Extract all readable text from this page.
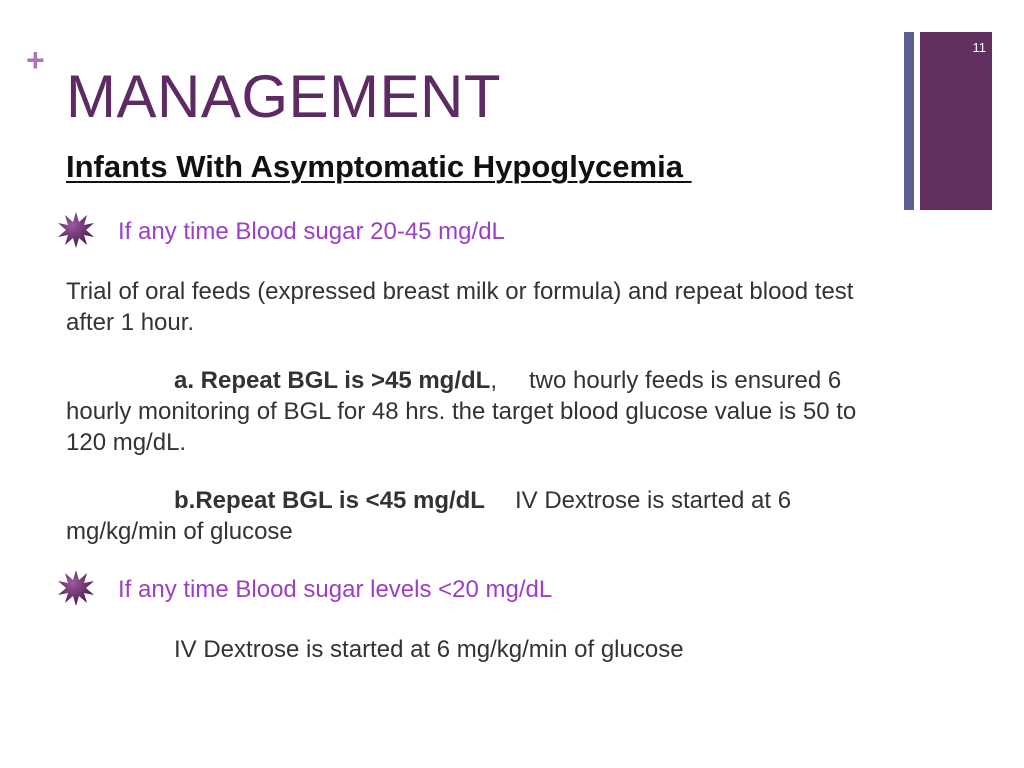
+
MANAGEMENT
11
Infants With Asymptomatic Hypoglycemia
If any time Blood sugar 20-45 mg/dL

Trial of oral feeds (expressed breast milk or formula) and repeat blood test after 1 hour.

a. Repeat BGL is >45 mg/dL, two hourly feeds is ensured 6 hourly monitoring of BGL for 48 hrs. the target blood glucose value is 50 to 120 mg/dL.

b.Repeat BGL is <45 mg/dL IV Dextrose is started at 6 mg/kg/min of glucose

If any time Blood sugar levels <20 mg/dL
IV Dextrose is started at 6 mg/kg/min of glucose
